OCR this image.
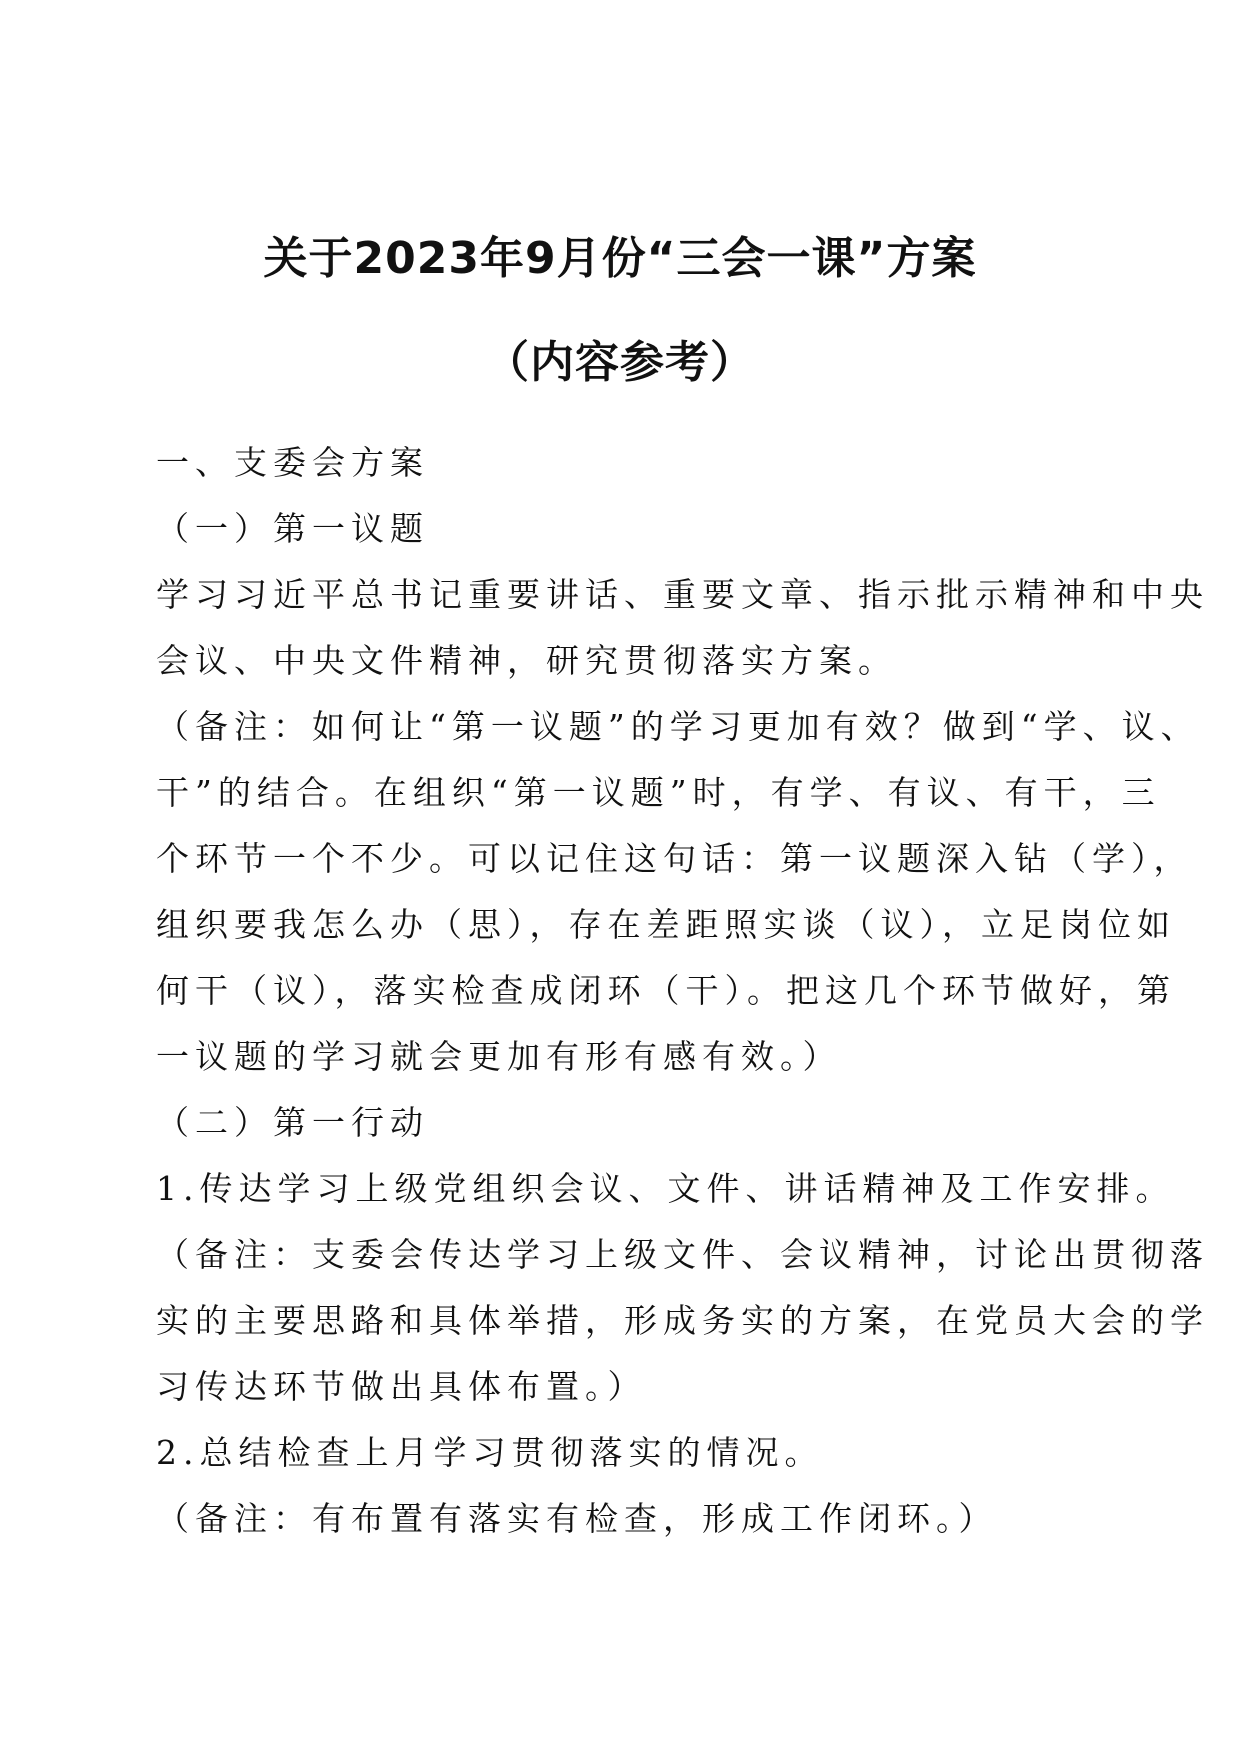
关于2023年9月份“三会一课”方案
（内容参考）
一、支委会方案
（一）第一议题
学习习近平总书记重要讲话、重要文章、指示批示精神和中央
会议、中央文件精神，研究贯彻落实方案。
（备注：如何让“第一议题”的学习更加有效？做到“学、议、
干”的结合。在组织“第一议题”时，有学、有议、有干，三
个环节一个不少。可以记住这句话：第一议题深入钻（学），
组织要我怎么办（思），存在差距照实谈（议），立足岗位如
何干（议），落实检查成闭环（干）。把这几个环节做好，第
一议题的学习就会更加有形有感有效。）
（二）第一行动
1.传达学习上级党组织会议、文件、讲话精神及工作安排。
（备注：支委会传达学习上级文件、会议精神，讨论出贯彻落
实的主要思路和具体举措，形成务实的方案，在党员大会的学
习传达环节做出具体布置。）
2.总结检查上月学习贯彻落实的情况。
（备注：有布置有落实有检查，形成工作闭环。）
